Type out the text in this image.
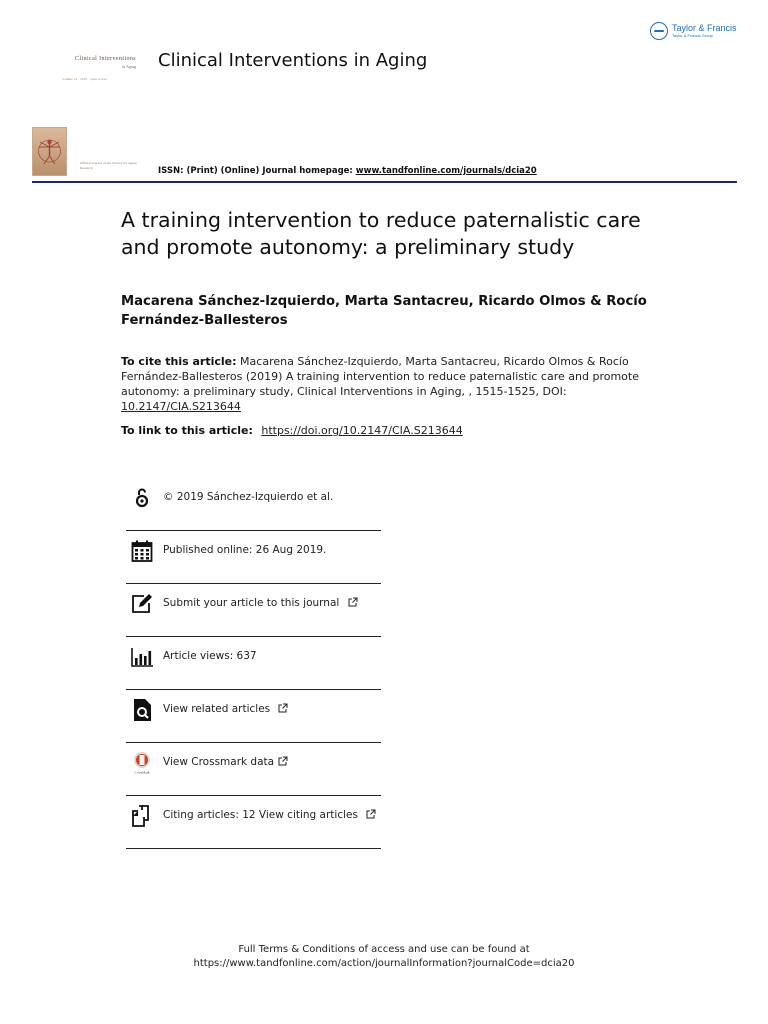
Taylor & Francis
Taylor & Francis Group
Clinical Interventions
in Aging
Volume 14 · 2019 · open access
Clinical Interventions in Aging
Official Journal of the Society for Aging Research	ISSN: (Print) (Online) Journal homepage: www.tandfonline.com/journals/dcia20
A training intervention to reduce paternalistic care and promote autonomy: a preliminary study
Macarena Sánchez-Izquierdo, Marta Santacreu, Ricardo Olmos & Rocío Fernández-Ballesteros
To cite this article: Macarena Sánchez-Izquierdo, Marta Santacreu, Ricardo Olmos & Rocío Fernández-Ballesteros (2019) A training intervention to reduce paternalistic care and promote autonomy: a preliminary study, Clinical Interventions in Aging, , 1515-1525, DOI: 10.2147/CIA.S213644
To link to this article: https://doi.org/10.2147/CIA.S213644
© 2019 Sánchez-Izquierdo et al.
Published online: 26 Aug 2019.
Submit your article to this journal
Article views: 637
View related articles
CrossMark
View Crossmark data
Citing articles: 12 View citing articles
Full Terms & Conditions of access and use can be found at
https://www.tandfonline.com/action/journalInformation?journalCode=dcia20
